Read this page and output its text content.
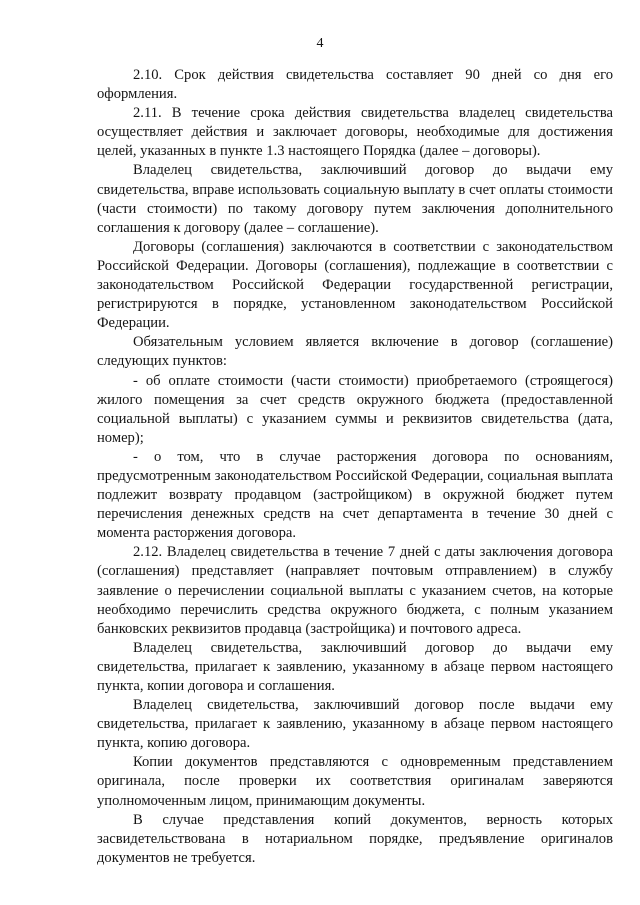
4

2.10. Срок действия свидетельства составляет 90 дней со дня его оформления.

2.11. В течение срока действия свидетельства владелец свидетельства осуществляет действия и заключает договоры, необходимые для достижения целей, указанных в пункте 1.3 настоящего Порядка (далее – договоры).

Владелец свидетельства, заключивший договор до выдачи ему свидетельства, вправе использовать социальную выплату в счет оплаты стоимости (части стоимости) по такому договору путем заключения дополнительного соглашения к договору (далее – соглашение).

Договоры (соглашения) заключаются в соответствии с законодательством Российской Федерации. Договоры (соглашения), подлежащие в соответствии с законодательством Российской Федерации государственной регистрации, регистрируются в порядке, установленном законодательством Российской Федерации.

Обязательным условием является включение в договор (соглашение) следующих пунктов:

- об оплате стоимости (части стоимости) приобретаемого (строящегося) жилого помещения за счет средств окружного бюджета (предоставленной социальной выплаты) с указанием суммы и реквизитов свидетельства (дата, номер);

- о том, что в случае расторжения договора по основаниям, предусмотренным законодательством Российской Федерации, социальная выплата подлежит возврату продавцом (застройщиком) в окружной бюджет путем перечисления денежных средств на счет департамента в течение 30 дней с момента расторжения договора.

2.12. Владелец свидетельства в течение 7 дней с даты заключения договора (соглашения) представляет (направляет почтовым отправлением) в службу заявление о перечислении социальной выплаты с указанием счетов, на которые необходимо перечислить средства окружного бюджета, с полным указанием банковских реквизитов продавца (застройщика) и почтового адреса.

Владелец свидетельства, заключивший договор до выдачи ему свидетельства, прилагает к заявлению, указанному в абзаце первом настоящего пункта, копии договора и соглашения.

Владелец свидетельства, заключивший договор после выдачи ему свидетельства, прилагает к заявлению, указанному в абзаце первом настоящего пункта, копию договора.

Копии документов представляются с одновременным представлением оригинала, после проверки их соответствия оригиналам заверяются уполномоченным лицом, принимающим документы.

В случае представления копий документов, верность которых засвидетельствована в нотариальном порядке, предъявление оригиналов документов не требуется.
